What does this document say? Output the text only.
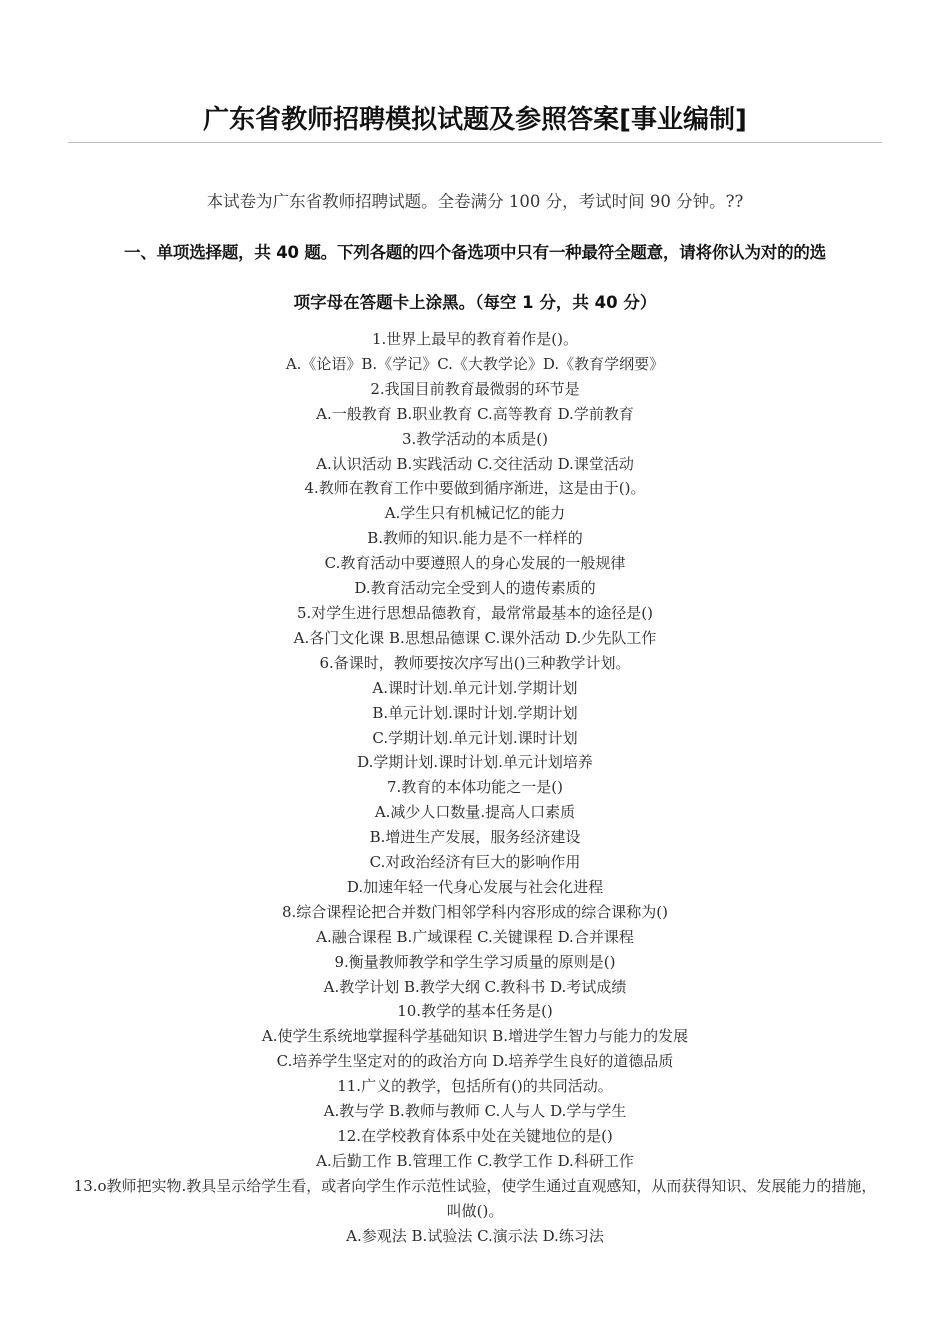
广东省教师招聘模拟试题及参照答案[事业编制]
本试卷为广东省教师招聘试题。全卷满分 100 分，考试时间 90 分钟。??
一、单项选择题，共 40 题。下列各题的四个备选项中只有一种最符全题意，请将你认为对的的选
项字母在答题卡上涂黑。（每空 1 分，共 40 分）
1.世界上最早的教育着作是()。
A.《论语》B.《学记》C.《大教学论》D.《教育学纲要》
2.我国目前教育最微弱的环节是
A.一般教育 B.职业教育 C.高等教育 D.学前教育
3.教学活动的本质是()
A.认识活动 B.实践活动 C.交往活动 D.课堂活动
4.教师在教育工作中要做到循序渐进，这是由于()。
A.学生只有机械记忆的能力
B.教师的知识.能力是不一样样的
C.教育活动中要遵照人的身心发展的一般规律
D.教育活动完全受到人的遗传素质的
5.对学生进行思想品德教育，最常常最基本的途径是()
A.各门文化课 B.思想品德课 C.课外活动 D.少先队工作
6.备课时，教师要按次序写出()三种教学计划。
A.课时计划.单元计划.学期计划
B.单元计划.课时计划.学期计划
C.学期计划.单元计划.课时计划
D.学期计划.课时计划.单元计划培养
7.教育的本体功能之一是()
A.减少人口数量.提高人口素质
B.增进生产发展，服务经济建设
C.对政治经济有巨大的影响作用
D.加速年轻一代身心发展与社会化进程
8.综合课程论把合并数门相邻学科内容形成的综合课称为()
A.融合课程 B.广域课程 C.关键课程 D.合并课程
9.衡量教师教学和学生学习质量的原则是()
A.教学计划 B.教学大纲 C.教科书 D.考试成绩
10.教学的基本任务是()
A.使学生系统地掌握科学基础知识 B.增进学生智力与能力的发展
C.培养学生坚定对的的政治方向 D.培养学生良好的道德品质
11.广义的教学，包括所有()的共同活动。
A.教与学 B.教师与教师 C.人与人 D.学与学生
12.在学校教育体系中处在关键地位的是()
A.后勤工作 B.管理工作 C.教学工作 D.科研工作
13.o教师把实物.教具呈示给学生看，或者向学生作示范性试验，使学生通过直观感知，从而获得知识、发展能力的措施，叫做()。
A.参观法 B.试验法 C.演示法 D.练习法
